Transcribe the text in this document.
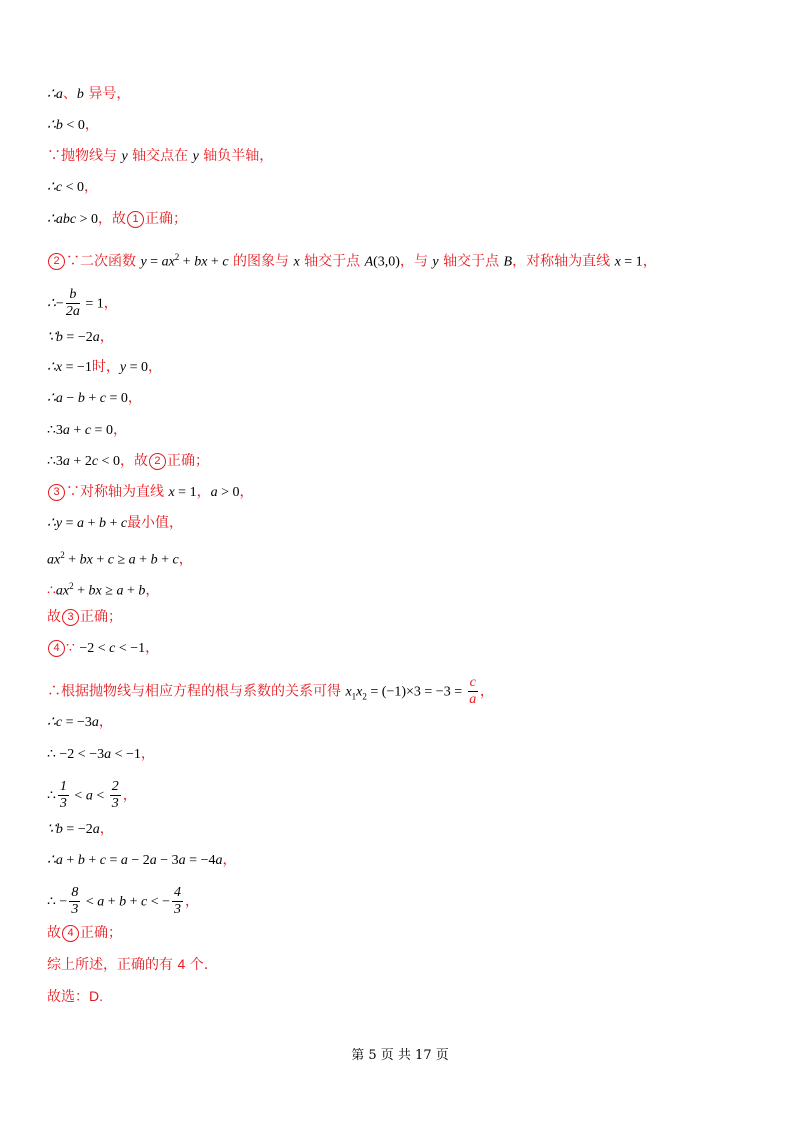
∴a、b 异号，
∴b < 0，
∵抛物线与 y 轴交点在 y 轴负半轴，
∴c < 0，
∴abc > 0，故 1 正确；
2 ∵二次函数 $y = ax^2$ + bx + c 的图象与 x 轴交于点 A(3,0)，与 y 轴交于点 B，对称轴为直线 x = 1，
∴− $\frac{b}{2a} = 1$，
∵b = −2a，
∴x = −1时，y = 0，
∴a − b + c = 0，
∴3a + c = 0，
∴3a + 2c < 0，故 2 正确；
3 ∵对称轴为直线 x = 1，a > 0，
∴y = a + b + c最小值，
$ax^2$ + bx + c ≥ a + b + c，
$\therefore ax^2$ + bx ≥ a + b，
故 3 正确；
4 ∵ −2 < c < −1，
∴根据抛物线与相应方程的根与系数的关系可得 $x_1x_2 = (-1)\times 3 = -3 = \frac{c}{a}$ ，
∴c = −3a，
∴ −2 < −3a < −1，
∴ $\frac{1}{3} < a < \frac{2}{3}$ ，
∵b = −2a，
∴a + b + c = a − 2a − 3a = −4a，
∴ − $\frac{8}{3} < a + b + c$ < − $\frac{4}{3}$ ，
故 4 正确；
综上所述，正确的有 4 个.
故选：D.
第 5 页 共 17 页
